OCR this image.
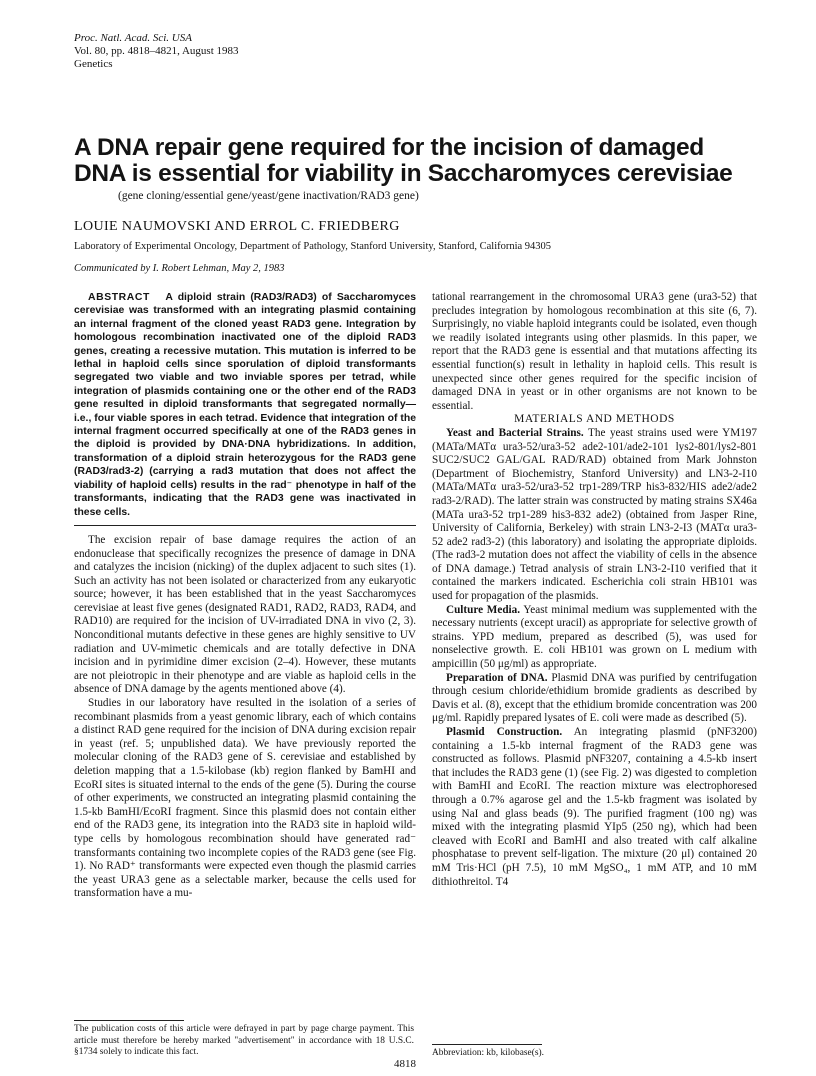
Proc. Natl. Acad. Sci. USA
Vol. 80, pp. 4818–4821, August 1983
Genetics
A DNA repair gene required for the incision of damaged DNA is essential for viability in Saccharomyces cerevisiae
(gene cloning/essential gene/yeast/gene inactivation/RAD3 gene)
LOUIE NAUMOVSKI AND ERROL C. FRIEDBERG
Laboratory of Experimental Oncology, Department of Pathology, Stanford University, Stanford, California 94305
Communicated by I. Robert Lehman, May 2, 1983

ABSTRACT A diploid strain (RAD3/RAD3) of Saccharomyces cerevisiae was transformed with an integrating plasmid containing an internal fragment of the cloned yeast RAD3 gene. Integration by homologous recombination inactivated one of the diploid RAD3 genes, creating a recessive mutation. This mutation is inferred to be lethal in haploid cells since sporulation of diploid transformants segregated two viable and two inviable spores per tetrad, while integration of plasmids containing one or the other end of the RAD3 gene resulted in diploid transformants that segregated normally—i.e., four viable spores in each tetrad. Evidence that integration of the internal fragment occurred specifically at one of the RAD3 genes in the diploid is provided by DNA·DNA hybridizations. In addition, transformation of a diploid strain heterozygous for the RAD3 gene (RAD3/rad3-2) (carrying a rad3 mutation that does not affect the viability of haploid cells) results in the rad⁻ phenotype in half of the transformants, indicating that the RAD3 gene was inactivated in these cells.

The excision repair of base damage requires the action of an endonuclease that specifically recognizes the presence of damage in DNA and catalyzes the incision (nicking) of the duplex adjacent to such sites (1). Such an activity has not been isolated or characterized from any eukaryotic source; however, it has been established that in the yeast Saccharomyces cerevisiae at least five genes (designated RAD1, RAD2, RAD3, RAD4, and RAD10) are required for the incision of UV-irradiated DNA in vivo (2, 3). Nonconditional mutants defective in these genes are highly sensitive to UV radiation and UV-mimetic chemicals and are totally defective in DNA incision and in pyrimidine dimer excision (2–4). However, these mutants are not pleiotropic in their phenotype and are viable as haploid cells in the absence of DNA damage by the agents mentioned above (4).

Studies in our laboratory have resulted in the isolation of a series of recombinant plasmids from a yeast genomic library, each of which contains a distinct RAD gene required for the incision of DNA during excision repair in yeast (ref. 5; unpublished data). We have previously reported the molecular cloning of the RAD3 gene of S. cerevisiae and established by deletion mapping that a 1.5-kilobase (kb) region flanked by BamHI and EcoRI sites is situated internal to the ends of the gene (5). During the course of other experiments, we constructed an integrating plasmid containing the 1.5-kb BamHI/EcoRI fragment. Since this plasmid does not contain either end of the RAD3 gene, its integration into the RAD3 site in haploid wild-type cells by homologous recombination should have generated rad⁻ transformants containing two incomplete copies of the RAD3 gene (see Fig. 1). No RAD⁺ transformants were expected even though the plasmid carries the yeast URA3 gene as a selectable marker, because the cells used for transformation have a mu-

tational rearrangement in the chromosomal URA3 gene (ura3-52) that precludes integration by homologous recombination at this site (6, 7). Surprisingly, no viable haploid integrants could be isolated, even though we readily isolated integrants using other plasmids. In this paper, we report that the RAD3 gene is essential and that mutations affecting its essential function(s) result in lethality in haploid cells. This result is unexpected since other genes required for the specific incision of damaged DNA in yeast or in other organisms are not known to be essential.

MATERIALS AND METHODS

Yeast and Bacterial Strains. The yeast strains used were YM197 (MATa/MATα ura3-52/ura3-52 ade2-101/ade2-101 lys2-801/lys2-801 SUC2/SUC2 GAL/GAL RAD/RAD) obtained from Mark Johnston (Department of Biochemistry, Stanford University) and LN3-2-I10 (MATa/MATα ura3-52/ura3-52 trp1-289/TRP his3-832/HIS ade2/ade2 rad3-2/RAD). The latter strain was constructed by mating strains SX46a (MATa ura3-52 trp1-289 his3-832 ade2) (obtained from Jasper Rine, University of California, Berkeley) with strain LN3-2-I3 (MATα ura3-52 ade2 rad3-2) (this laboratory) and isolating the appropriate diploids. (The rad3-2 mutation does not affect the viability of cells in the absence of DNA damage.) Tetrad analysis of strain LN3-2-I10 verified that it contained the markers indicated. Escherichia coli strain HB101 was used for propagation of the plasmids.

Culture Media. Yeast minimal medium was supplemented with the necessary nutrients (except uracil) as appropriate for selective growth of strains. YPD medium, prepared as described (5), was used for nonselective growth. E. coli HB101 was grown on L medium with ampicillin (50 μg/ml) as appropriate.

Preparation of DNA. Plasmid DNA was purified by centrifugation through cesium chloride/ethidium bromide gradients as described by Davis et al. (8), except that the ethidium bromide concentration was 200 μg/ml. Rapidly prepared lysates of E. coli were made as described (5).

Plasmid Construction. An integrating plasmid (pNF3200) containing a 1.5-kb internal fragment of the RAD3 gene was constructed as follows. Plasmid pNF3207, containing a 4.5-kb insert that includes the RAD3 gene (1) (see Fig. 2) was digested to completion with BamHI and EcoRI. The reaction mixture was electrophoresed through a 0.7% agarose gel and the 1.5-kb fragment was isolated by using NaI and glass beads (9). The purified fragment (100 ng) was mixed with the integrating plasmid YIp5 (250 ng), which had been cleaved with EcoRI and BamHI and also treated with calf alkaline phosphatase to prevent self-ligation. The mixture (20 μl) contained 20 mM Tris·HCl (pH 7.5), 10 mM MgSO₄, 1 mM ATP, and 10 mM dithiothreitol. T4

The publication costs of this article were defrayed in part by page charge payment. This article must therefore be hereby marked "advertisement" in accordance with 18 U.S.C. §1734 solely to indicate this fact.	Abbreviation: kb, kilobase(s).
4818
